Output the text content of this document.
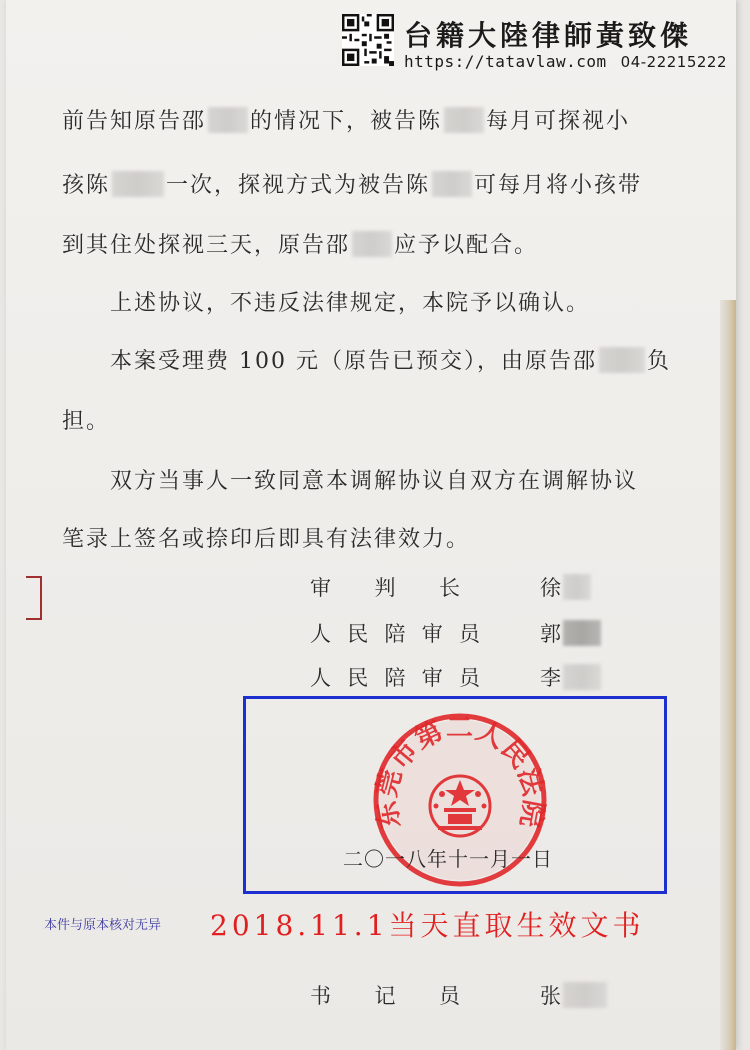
台籍大陸律師黃致傑
https://tatavlaw.com 04-22215222
前告知原告邵 的情况下，被告陈 每月可探视小
孩陈	一次，探视方式为被告陈 可每月将小孩带
到其住处探视三天，原告邵 应予以配合。
上述协议，不违反法律规定，本院予以确认。
本案受理费 100 元（原告已预交），由原告邵 负
担。
双方当事人一致同意本调解协议自双方在调解协议
笔录上签名或捺印后即具有法律效力。
审 判 长	徐
人 民 陪 审 员	郭
人 民 陪 审 员	李
东莞市第二人民法院
二〇一八年十一月一日
本件与原本核对无异 2018.11.1当天直取生效文书
书 记 员	张
